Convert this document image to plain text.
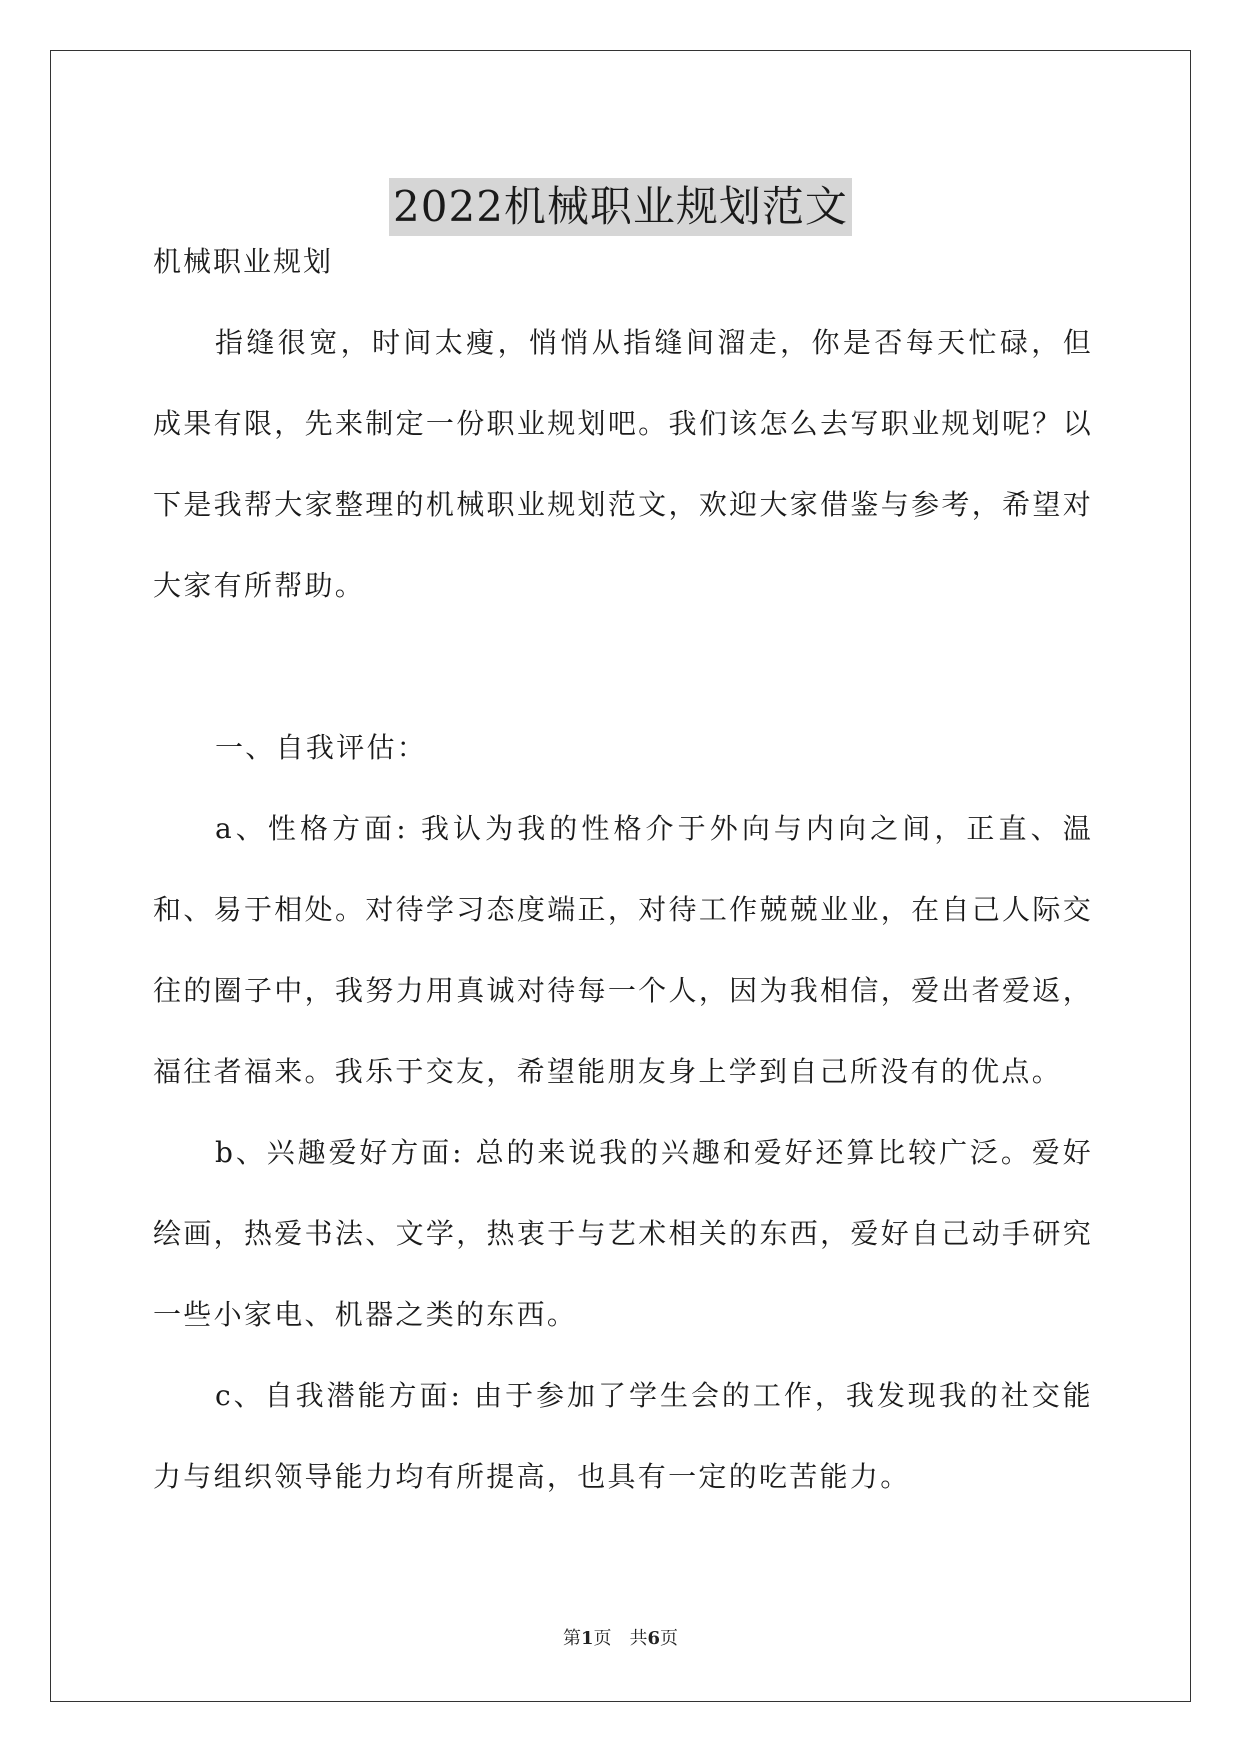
2022机械职业规划范文

机械职业规划

指缝很宽，时间太瘦，悄悄从指缝间溜走，你是否每天忙碌，但成果有限，先来制定一份职业规划吧。我们该怎么去写职业规划呢？以下是我帮大家整理的机械职业规划范文，欢迎大家借鉴与参考，希望对大家有所帮助。

一、自我评估：

a、性格方面: 我认为我的性格介于外向与内向之间，正直、温和、易于相处。对待学习态度端正，对待工作兢兢业业，在自己人际交往的圈子中，我努力用真诚对待每一个人，因为我相信，爱出者爱返，福往者福来。我乐于交友，希望能朋友身上学到自己所没有的优点。

b、兴趣爱好方面: 总的来说我的兴趣和爱好还算比较广泛。爱好绘画，热爱书法、文学，热衷于与艺术相关的东西，爱好自己动手研究一些小家电、机器之类的东西。

c、自我潜能方面: 由于参加了学生会的工作，我发现我的社交能力与组织领导能力均有所提高，也具有一定的吃苦能力。

第1页　共6页
